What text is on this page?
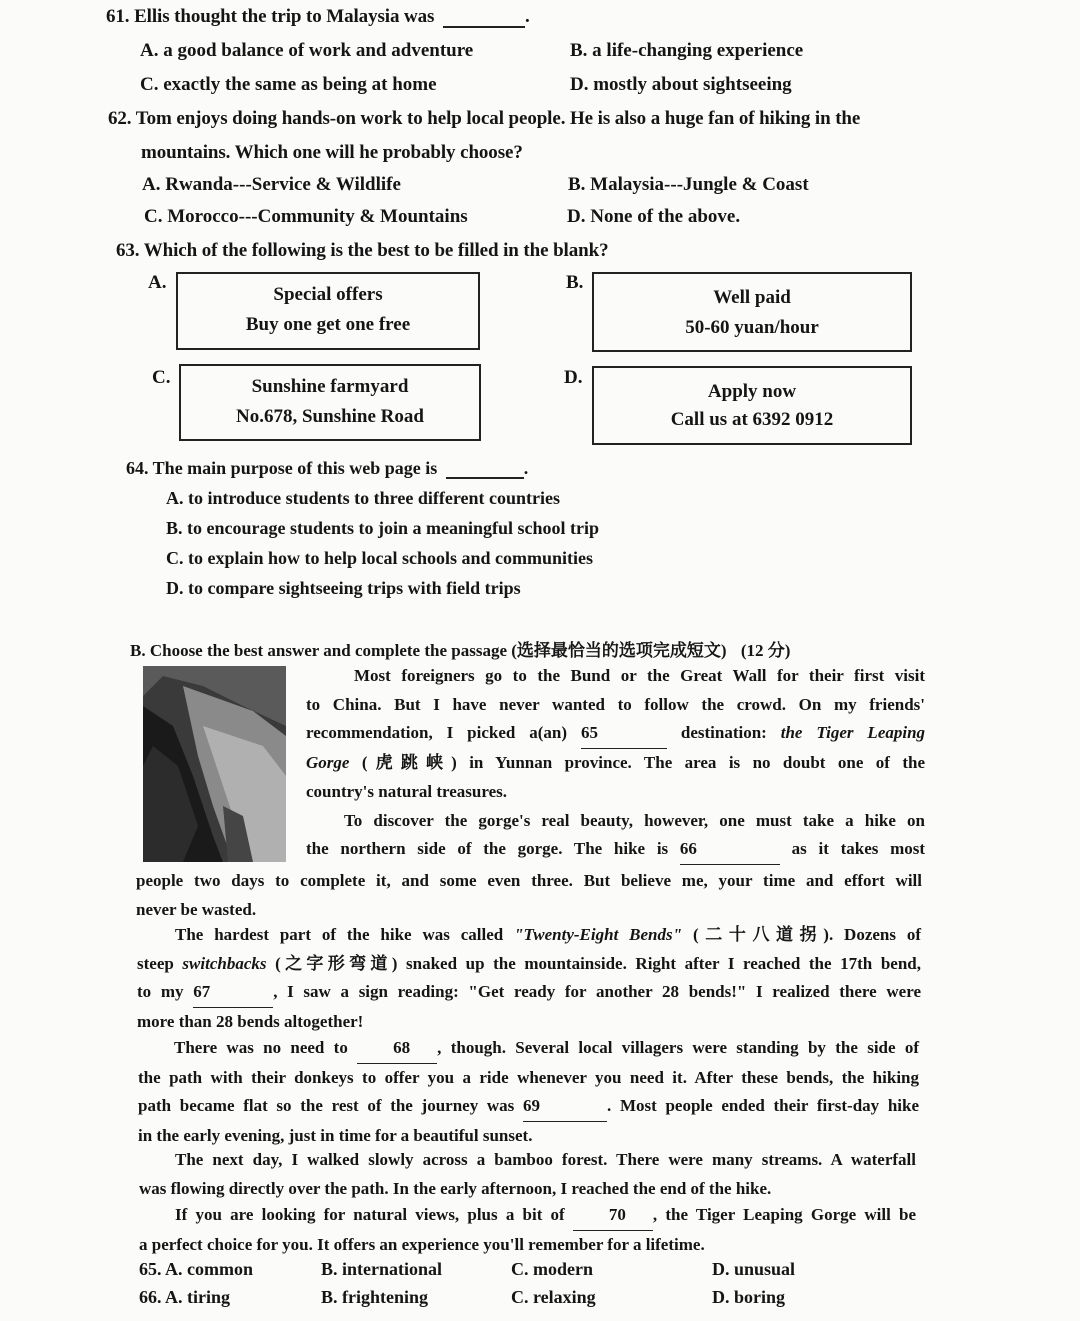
61. Ellis thought the trip to Malaysia was	.
A. a good balance of work and adventure	B. a life-changing experience
C. exactly the same as being at home	D. mostly about sightseeing
62. Tom enjoys doing hands-on work to help local people. He is also a huge fan of hiking in the
mountains. Which one will he probably choose?
A. Rwanda---Service & Wildlife	B. Malaysia---Jungle & Coast
C. Morocco---Community & Mountains	D. None of the above.
63. Which of the following is the best to be filled in the blank?
A.
Special offers
Buy one get one free
B.
Well paid
50-60 yuan/hour
C.	Sunshine farmyard
No.678, Sunshine Road
D.
Apply now
Call us at 6392 0912
64. The main purpose of this web page is	.
A. to introduce students to three different countries
B. to encourage students to join a meaningful school trip
C. to explain how to help local schools and communities
D. to compare sightseeing trips with field trips
B. Choose the best answer and complete the passage (选择最恰当的选项完成短文) (12 分)
Most foreigners go to the Bund or the Great Wall for their first visit
to China. But I have never wanted to follow the crowd. On my friends'
recommendation, I picked a(an) 65	destination: the Tiger Leaping
Gorge (虎跳峡) in Yunnan province. The area is no doubt one of the
country's natural treasures.
To discover the gorge's real beauty, however, one must take a hike on
the northern side of the gorge. The hike is 66	as it takes most
people two days to complete it, and some even three. But believe me, your time and effort will
never be wasted.
The hardest part of the hike was called "Twenty-Eight Bends" (二十八道拐). Dozens of
steep switchbacks (之字形弯道) snaked up the mountainside. Right after I reached the 17th bend,
to my 67	, I saw a sign reading: "Get ready for another 28 bends!" I realized there were
more than 28 bends altogether!
There was no need to	68 , though. Several local villagers were standing by the side of
the path with their donkeys to offer you a ride whenever you need it. After these bends, the hiking
path became flat so the rest of the journey was 69	. Most people ended their first-day hike
in the early evening, just in time for a beautiful sunset.
The next day, I walked slowly across a bamboo forest. There were many streams. A waterfall
was flowing directly over the path. In the early afternoon, I reached the end of the hike.
If you are looking for natural views, plus a bit of	70 , the Tiger Leaping Gorge will be
a perfect choice for you. It offers an experience you'll remember for a lifetime.
65. A. common	B. international	C. modern	D. unusual
66. A. tiring	B. frightening	C. relaxing	D. boring
